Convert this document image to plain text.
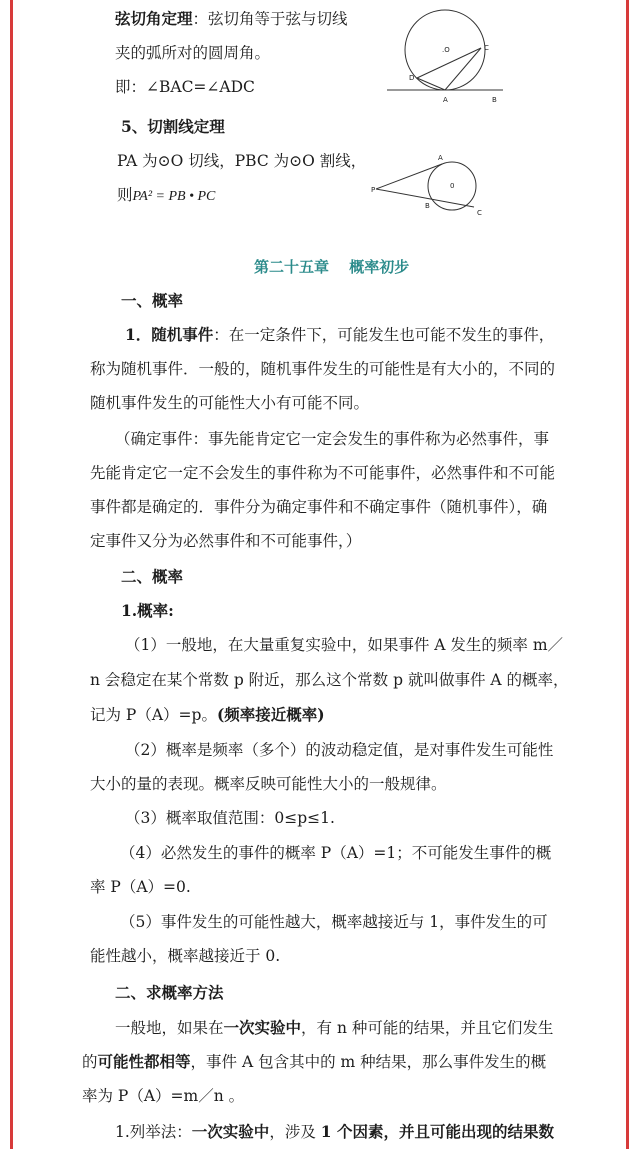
弦切角定理：弦切角等于弦与切线
夹的弧所对的圆周角。
即：∠BAC=∠ADC
.O	C
D
A	B
5、切割线定理
PA 为⊙O 切线，PBC 为⊙O 割线，
则PA² = PB • PC
A
0
P
B
C
第二十五章　 概率初步
一、概率
1．随机事件：在一定条件下，可能发生也可能不发生的事件，
称为随机事件．一般的，随机事件发生的可能性是有大小的，不同的
随机事件发生的可能性大小有可能不同。
（确定事件：事先能肯定它一定会发生的事件称为必然事件，事
先能肯定它一定不会发生的事件称为不可能事件，必然事件和不可能
事件都是确定的．事件分为确定事件和不确定事件（随机事件），确
定事件又分为必然事件和不可能事件，）
二、概率
1.概率:
（1）一般地，在大量重复实验中，如果事件 A 发生的频率 m／
n 会稳定在某个常数 p 附近，那么这个常数 p 就叫做事件 A 的概率，
记为 P（A）=p。(频率接近概率)
（2）概率是频率（多个）的波动稳定值，是对事件发生可能性
大小的量的表现。概率反映可能性大小的一般规律。
（3）概率取值范围：0≤p≤1.
（4）必然发生的事件的概率 P（A）=1；不可能发生事件的概
率 P（A）=0.
（5）事件发生的可能性越大，概率越接近与 1，事件发生的可
能性越小，概率越接近于 0.
二、求概率方法
一般地，如果在一次实验中，有 n 种可能的结果，并且它们发生
的可能性都相等，事件 A 包含其中的 m 种结果，那么事件发生的概
率为 P（A）=m／n 。
1.列举法：一次实验中，涉及 1 个因素，并且可能出现的结果数
